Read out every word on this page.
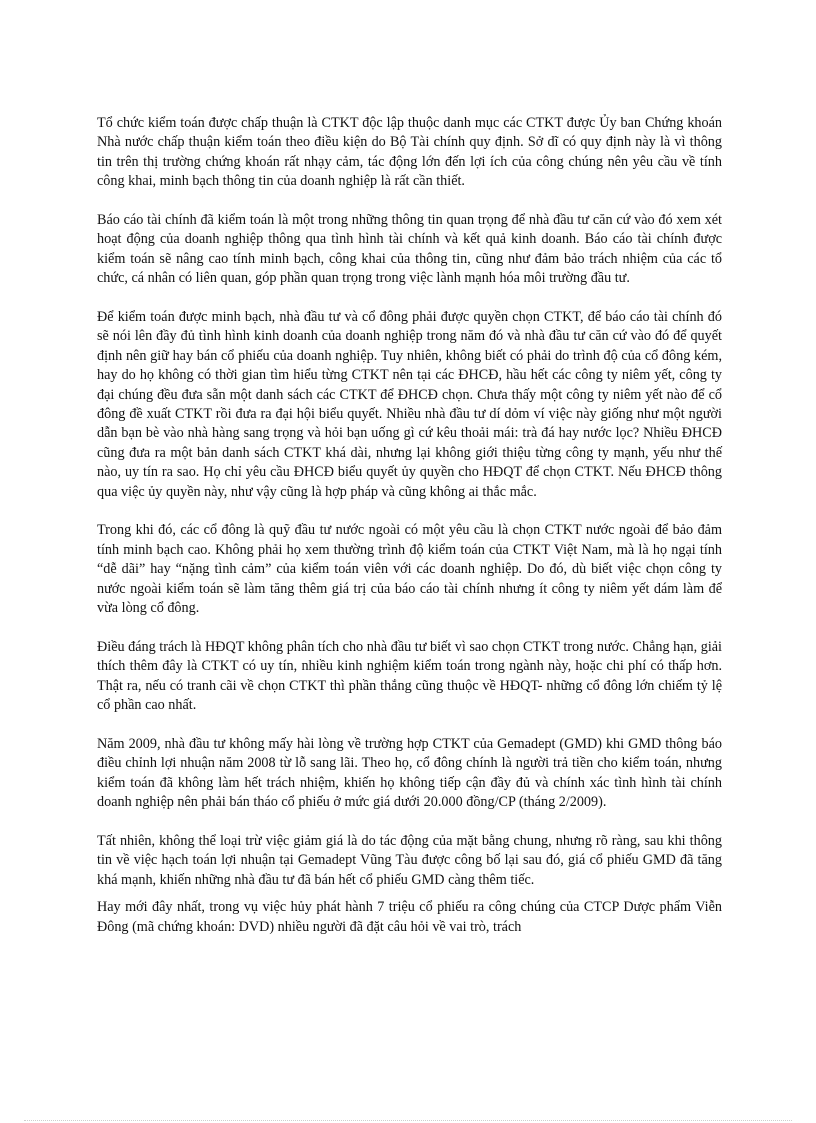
Tổ chức kiểm toán được chấp thuận là CTKT độc lập thuộc danh mục các CTKT được Ủy ban Chứng khoán Nhà nước chấp thuận kiểm toán theo điều kiện do Bộ Tài chính quy định. Sở dĩ có quy định này là vì thông tin trên thị trường chứng khoán rất nhạy cảm, tác động lớn đến lợi ích của công chúng nên yêu cầu về tính công khai, minh bạch thông tin của doanh nghiệp là rất cần thiết.

Báo cáo tài chính đã kiểm toán là một trong những thông tin quan trọng để nhà đầu tư căn cứ vào đó xem xét hoạt động của doanh nghiệp thông qua tình hình tài chính và kết quả kinh doanh. Báo cáo tài chính được kiểm toán sẽ nâng cao tính minh bạch, công khai của thông tin, cũng như đảm bảo trách nhiệm của các tổ chức, cá nhân có liên quan, góp phần quan trọng trong việc lành mạnh hóa môi trường đầu tư.

Để kiểm toán được minh bạch, nhà đầu tư và cổ đông phải được quyền chọn CTKT, để báo cáo tài chính đó sẽ nói lên đầy đủ tình hình kinh doanh của doanh nghiệp trong năm đó và nhà đầu tư căn cứ vào đó để quyết định nên giữ hay bán cổ phiếu của doanh nghiệp. Tuy nhiên, không biết có phải do trình độ của cổ đông kém, hay do họ không có thời gian tìm hiểu từng CTKT nên tại các ĐHCĐ, hầu hết các công ty niêm yết, công ty đại chúng đều đưa sẵn một danh sách các CTKT để ĐHCĐ chọn. Chưa thấy một công ty niêm yết nào để cổ đông đề xuất CTKT rồi đưa ra đại hội biểu quyết. Nhiều nhà đầu tư dí dỏm ví việc này giống như một người dẫn bạn bè vào nhà hàng sang trọng và hỏi bạn uống gì cứ kêu thoải mái: trà đá hay nước lọc? Nhiều ĐHCĐ cũng đưa ra một bản danh sách CTKT khá dài, nhưng lại không giới thiệu từng công ty mạnh, yếu như thế nào, uy tín ra sao. Họ chỉ yêu cầu ĐHCĐ biểu quyết ủy quyền cho HĐQT để chọn CTKT. Nếu ĐHCĐ thông qua việc ủy quyền này, như vậy cũng là hợp pháp và cũng không ai thắc mắc.

Trong khi đó, các cổ đông là quỹ đầu tư nước ngoài có một yêu cầu là chọn CTKT nước ngoài để bảo đảm tính minh bạch cao. Không phải họ xem thường trình độ kiểm toán của CTKT Việt Nam, mà là họ ngại tính “dễ dãi” hay “nặng tình cảm” của kiểm toán viên với các doanh nghiệp. Do đó, dù biết việc chọn công ty nước ngoài kiểm toán sẽ làm tăng thêm giá trị của báo cáo tài chính nhưng ít công ty niêm yết dám làm để vừa lòng cổ đông.

Điều đáng trách là HĐQT không phân tích cho nhà đầu tư biết vì sao chọn CTKT trong nước. Chẳng hạn, giải thích thêm đây là CTKT có uy tín, nhiều kinh nghiệm kiểm toán trong ngành này, hoặc chi phí có thấp hơn. Thật ra, nếu có tranh cãi về chọn CTKT thì phần thắng cũng thuộc về HĐQT- những cổ đông lớn chiếm tỷ lệ cổ phần cao nhất.

Năm 2009, nhà đầu tư không mấy hài lòng về trường hợp CTKT của Gemadept (GMD) khi GMD thông báo điều chỉnh lợi nhuận năm 2008 từ lỗ sang lãi. Theo họ, cổ đông chính là người trả tiền cho kiểm toán, nhưng kiểm toán đã không làm hết trách nhiệm, khiến họ không tiếp cận đầy đủ và chính xác tình hình tài chính doanh nghiệp nên phải bán tháo cổ phiếu ở mức giá dưới 20.000 đồng/CP (tháng 2/2009).

Tất nhiên, không thể loại trừ việc giảm giá là do tác động của mặt bằng chung, nhưng rõ ràng, sau khi thông tin về việc hạch toán lợi nhuận tại Gemadept Vũng Tàu được công bố lại sau đó, giá cổ phiếu GMD đã tăng khá mạnh, khiến những nhà đầu tư đã bán hết cổ phiếu GMD càng thêm tiếc.

Hay mới đây nhất, trong vụ việc hủy phát hành 7 triệu cổ phiếu ra công chúng của CTCP Dược phẩm Viễn Đông (mã chứng khoán: DVD) nhiều người đã đặt câu hỏi về vai trò, trách
